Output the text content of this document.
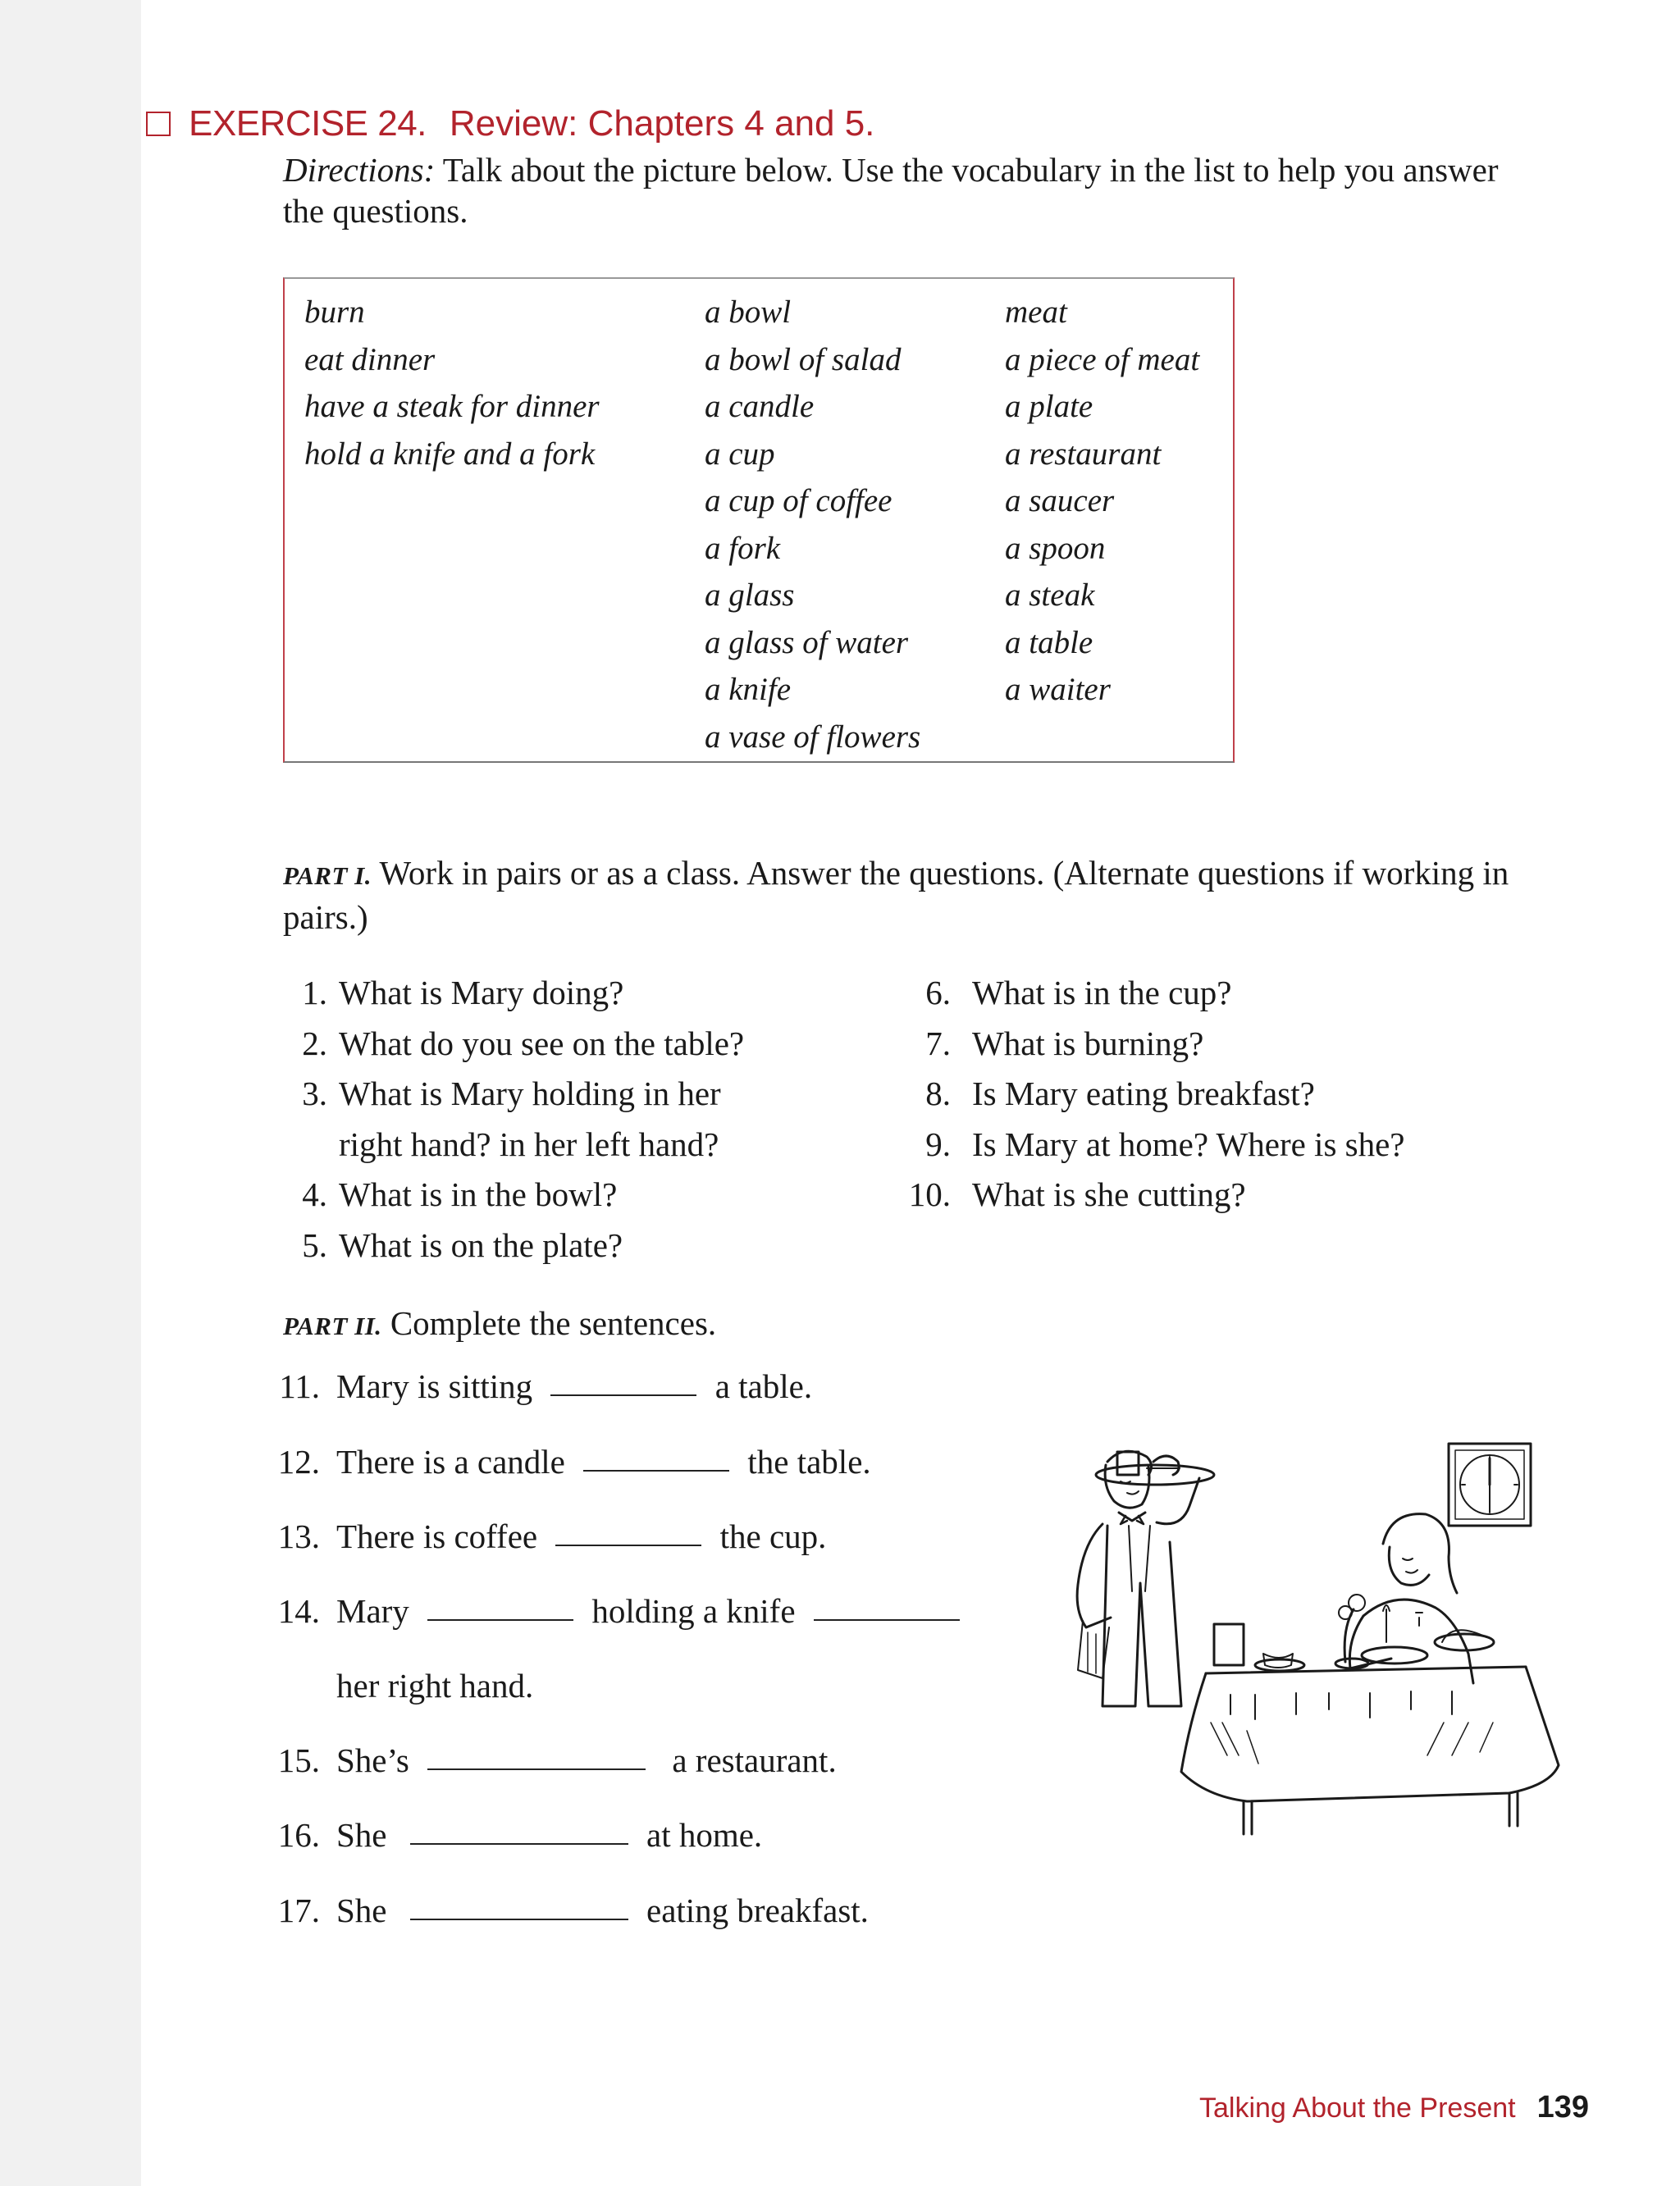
EXERCISE 24. Review: Chapters 4 and 5.
Directions: Talk about the picture below. Use the vocabulary in the list to help you answer the questions.
burn
eat dinner
have a steak for dinner
hold a knife and a fork
a bowl
a bowl of salad
a candle
a cup
a cup of coffee
a fork
a glass
a glass of water
a knife
a vase of flowers
meat
a piece of meat
a plate
a restaurant
a saucer
a spoon
a steak
a table
a waiter
PART I. Work in pairs or as a class. Answer the questions. (Alternate questions if working in pairs.)
1. What is Mary doing?
2. What do you see on the table?
3. What is Mary holding in her
right hand? in her left hand?
4. What is in the bowl?
5. What is on the plate?
6. What is in the cup?
7. What is burning?
8. Is Mary eating breakfast?
9. Is Mary at home? Where is she?
10. What is she cutting?
PART II. Complete the sentences.
11. Mary is sitting	a table.
12. There is a candle	the table.
13. There is coffee	the cup.
14. Mary	holding a knife
her right hand.
15. She’s	a restaurant.
16. She	at home.
17. She	eating breakfast.
Talking About the Present 139
